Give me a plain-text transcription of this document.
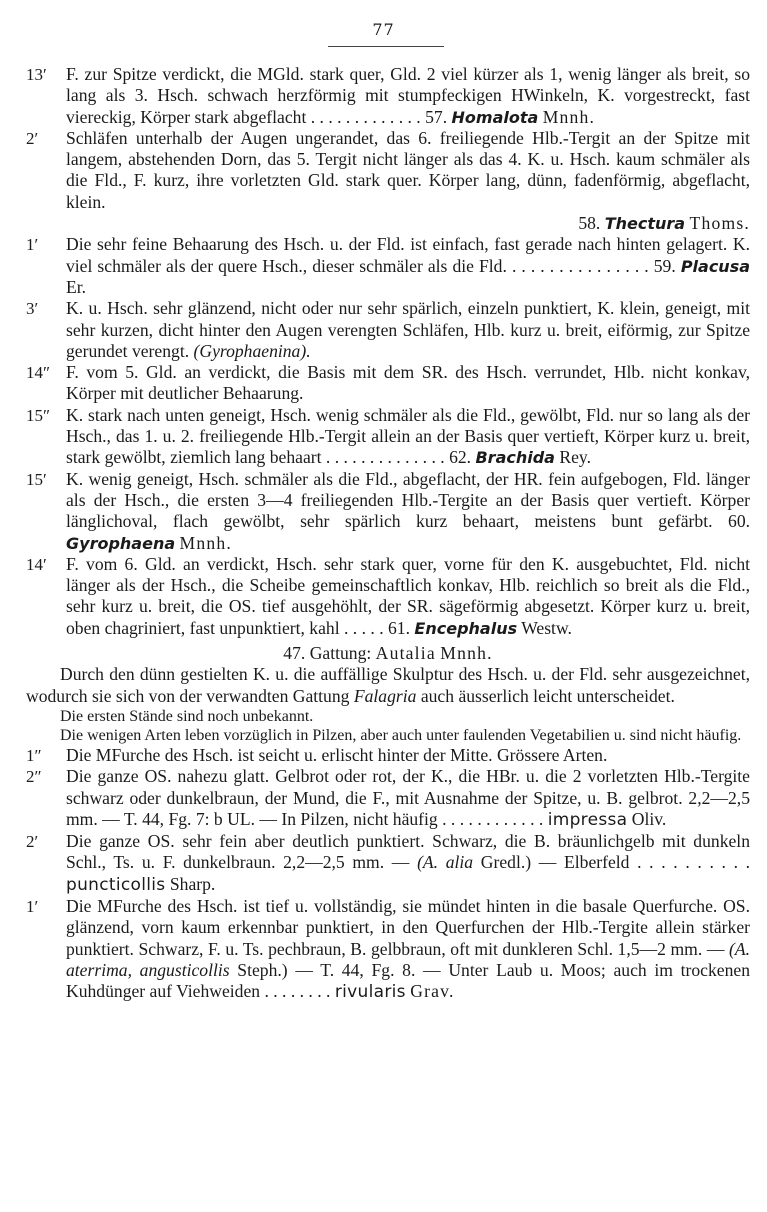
77
13′	F. zur Spitze verdickt, die MGld. stark quer, Gld. 2 viel kürzer als 1, wenig länger als breit, so lang als 3. Hsch. schwach herzförmig mit stumpfeckigen HWinkeln, K. vorgestreckt, fast viereckig, Körper stark abgeflacht . . . . . . . . . . . . . 57. Homalota Mnnh.
2′	Schläfen unterhalb der Augen ungerandet, das 6. freiliegende Hlb.-Tergit an der Spitze mit langem, abstehenden Dorn, das 5. Tergit nicht länger als das 4. K. u. Hsch. kaum schmäler als die Fld., F. kurz, ihre vorletzten Gld. stark quer. Körper lang, dünn, fadenförmig, abgeflacht, klein.
58. Thectura Thoms.
1′	Die sehr feine Behaarung des Hsch. u. der Fld. ist einfach, fast gerade nach hinten gelagert. K. viel schmäler als der quere Hsch., dieser schmäler als die Fld. . . . . . . . . . . . . . . . 59. Placusa Er.
3′	K. u. Hsch. sehr glänzend, nicht oder nur sehr spärlich, einzeln punktiert, K. klein, geneigt, mit sehr kurzen, dicht hinter den Augen verengten Schläfen, Hlb. kurz u. breit, eiförmig, zur Spitze gerundet verengt. (Gyrophaenina).
14″ F. vom 5. Gld. an verdickt, die Basis mit dem SR. des Hsch. verrundet, Hlb. nicht konkav, Körper mit deutlicher Behaarung.
15″ K. stark nach unten geneigt, Hsch. wenig schmäler als die Fld., gewölbt, Fld. nur so lang als der Hsch., das 1. u. 2. freiliegende Hlb.-Tergit allein an der Basis quer vertieft, Körper kurz u. breit, stark gewölbt, ziemlich lang behaart . . . . . . . . . . . . . . 62. Brachida Rey.
15′	K. wenig geneigt, Hsch. schmäler als die Fld., abgeflacht, der HR. fein aufgebogen, Fld. länger als der Hsch., die ersten 3—4 freiliegenden Hlb.-Tergite an der Basis quer vertieft. Körper länglichoval, flach gewölbt, sehr spärlich kurz behaart, meistens bunt gefärbt. 60. Gyrophaena Mnnh.
14′	F. vom 6. Gld. an verdickt, Hsch. sehr stark quer, vorne für den K. ausgebuchtet, Fld. nicht länger als der Hsch., die Scheibe gemeinschaftlich konkav, Hlb. reichlich so breit als die Fld., sehr kurz u. breit, die OS. tief ausgehöhlt, der SR. sägeförmig abgesetzt. Körper kurz u. breit, oben chagriniert, fast unpunktiert, kahl . . . . . 61. Encephalus Westw.
47. Gattung: Autalia Mnnh.
Durch den dünn gestielten K. u. die auffällige Skulptur des Hsch. u. der Fld. sehr ausgezeichnet, wodurch sie sich von der verwandten Gattung Falagria auch äusserlich leicht unterscheidet.
Die ersten Stände sind noch unbekannt.
Die wenigen Arten leben vorzüglich in Pilzen, aber auch unter faulenden Vegetabilien u. sind nicht häufig.
1″	Die MFurche des Hsch. ist seicht u. erlischt hinter der Mitte. Grössere Arten.
2″	Die ganze OS. nahezu glatt. Gelbrot oder rot, der K., die HBr. u. die 2 vorletzten Hlb.-Tergite schwarz oder dunkelbraun, der Mund, die F., mit Ausnahme der Spitze, u. B. gelbrot. 2,2—2,5 mm. — T. 44, Fg. 7: b UL. — In Pilzen, nicht häufig . . . . . . . . . . . . impressa Oliv.
2′	Die ganze OS. sehr fein aber deutlich punktiert. Schwarz, die B. bräunlichgelb mit dunkeln Schl., Ts. u. F. dunkelbraun. 2,2—2,5 mm. — (A. alia Gredl.) — Elberfeld . . . . . . . . . . puncticollis Sharp.
1′	Die MFurche des Hsch. ist tief u. vollständig, sie mündet hinten in die basale Querfurche. OS. glänzend, vorn kaum erkennbar punktiert, in den Querfurchen der Hlb.-Tergite allein stärker punktiert. Schwarz, F. u. Ts. pechbraun, B. gelbbraun, oft mit dunkleren Schl. 1,5—2 mm. — (A. aterrima, angusticollis Steph.) — T. 44, Fg. 8. — Unter Laub u. Moos; auch im trockenen Kuhdünger auf Viehweiden . . . . . . . . rivularis Grav.
